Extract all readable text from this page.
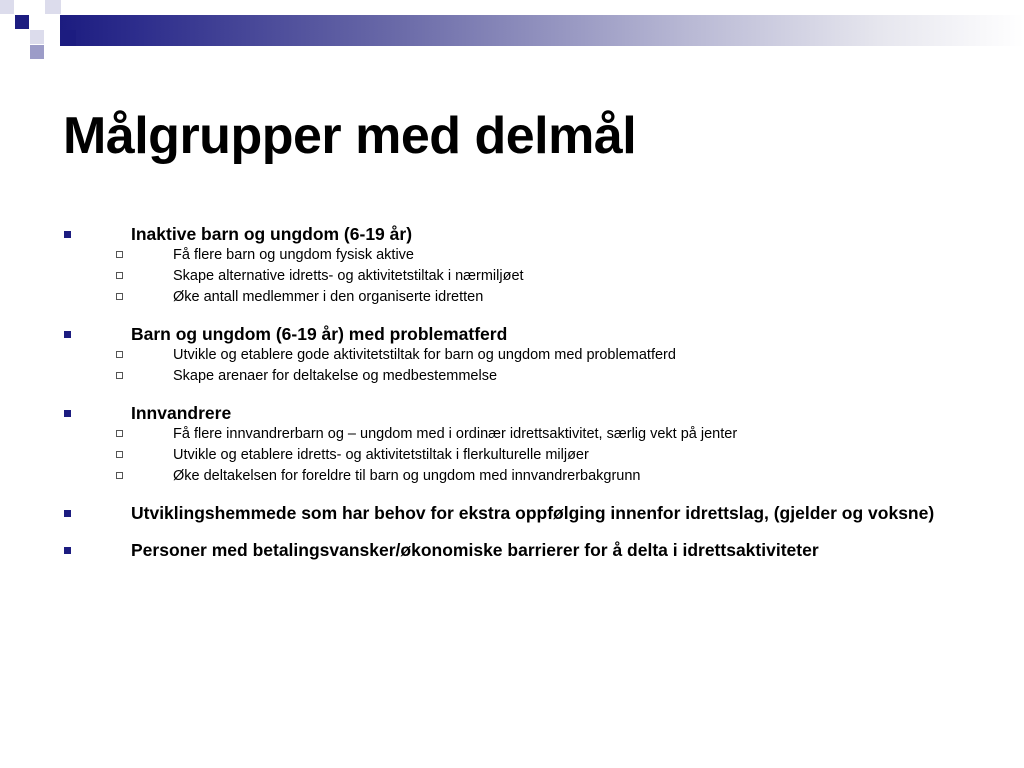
Målgrupper med delmål
Inaktive barn og ungdom (6-19 år)
Få flere barn og ungdom fysisk aktive
Skape alternative idretts- og aktivitetstiltak i nærmiljøet
Øke antall medlemmer i den organiserte idretten
Barn og ungdom (6-19 år) med problematferd
Utvikle og etablere gode aktivitetstiltak for barn og ungdom med problematferd
Skape arenaer for deltakelse og medbestemmelse
Innvandrere
Få flere innvandrerbarn og – ungdom med i ordinær idrettsaktivitet, særlig vekt på jenter
Utvikle og etablere idretts- og aktivitetstiltak i flerkulturelle miljøer
Øke deltakelsen for foreldre til barn og ungdom med innvandrerbakgrunn
Utviklingshemmede som har behov for ekstra oppfølging innenfor idrettslag, (gjelder og voksne)
Personer med betalingsvansker/økonomiske barrierer for å delta i idrettsaktiviteter
